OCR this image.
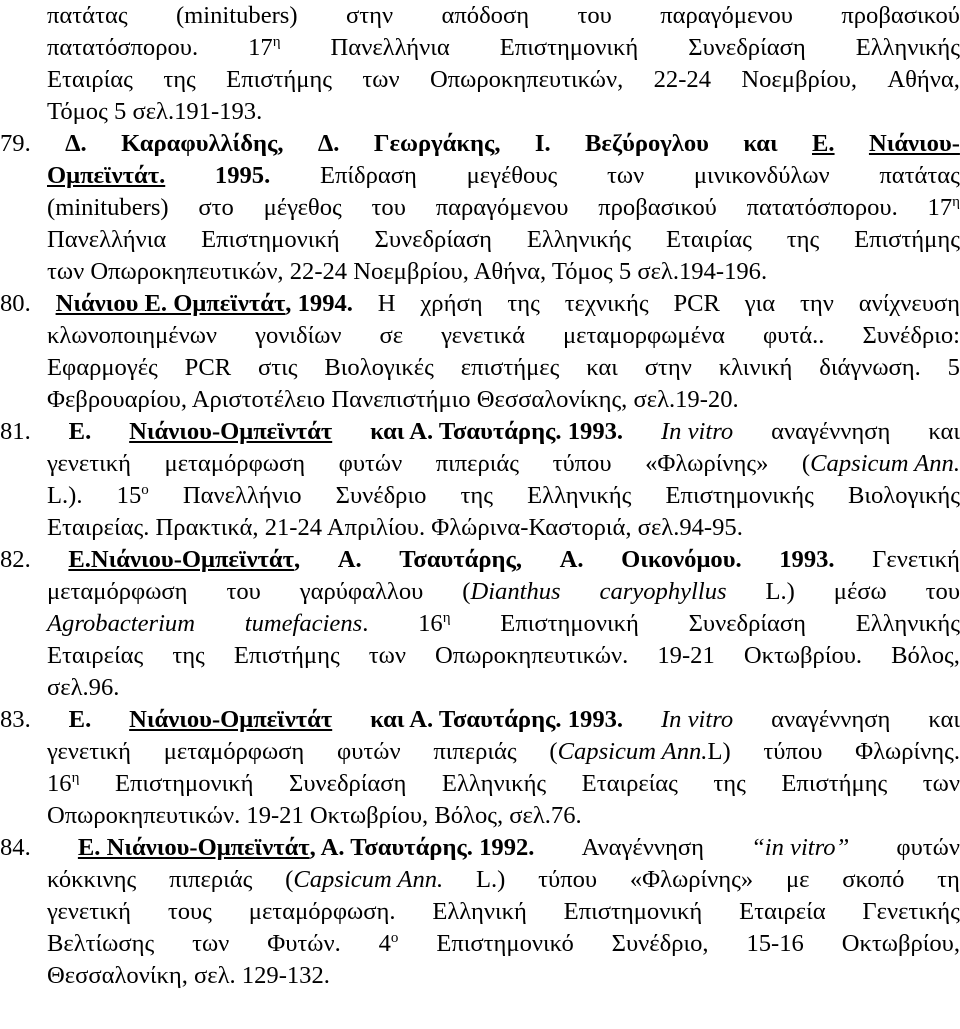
πατάτας (minitubers) στην απόδοση του παραγόμενου προβασικού
πατατόσπορου. $17^\eta$ Πανελλήνια Επιστημονική Συνεδρίαση Ελληνικής
Εταιρίας της Επιστήμης των Οπωροκηπευτικών, 22-24 Νοεμβρίου, Αθήνα,
Τόμος 5 σελ.191-193.
79. Δ. Καραφυλλίδης, Δ. Γεωργάκης, Ι. Βεζύρογλου και Ε. Νιάνιου-
Ομπεϊντάτ. 1995. Επίδραση μεγέθους των μινικονδύλων πατάτας
(minitubers) στο μέγεθος του παραγόμενου προβασικού πατατόσπορου. $17^\eta$
Πανελλήνια Επιστημονική Συνεδρίαση Ελληνικής Εταιρίας της Επιστήμης
των Οπωροκηπευτικών, 22-24 Νοεμβρίου, Αθήνα, Τόμος 5 σελ.194-196.
80. Νιάνιου Ε. Ομπεϊντάτ, 1994. Η χρήση της τεχνικής PCR για την ανίχνευση
κλωνοποιημένων γονιδίων σε γενετικά μεταμορφωμένα φυτά.. Συνέδριο:
Εφαρμογές PCR στις Βιολογικές επιστήμες και στην κλινική διάγνωση. 5
Φεβρουαρίου, Αριστοτέλειο Πανεπιστήμιο Θεσσαλονίκης, σελ.19-20.
81. Ε. Νιάνιου-Ομπεϊντάτ και Α. Τσαυτάρης. 1993. In vitro αναγέννηση και
γενετική μεταμόρφωση φυτών πιπεριάς τύπου «Φλωρίνης» (Capsicum Ann.
L.). $15^o$ Πανελλήνιο Συνέδριο της Ελληνικής Επιστημονικής Βιολογικής
Εταιρείας. Πρακτικά, 21-24 Απριλίου. Φλώρινα-Καστοριά, σελ.94-95.
82. Ε.Νιάνιου-Ομπεϊντάτ, Α. Τσαυτάρης, Α. Οικονόμου. 1993. Γενετική
μεταμόρφωση του γαρύφαλλου (Dianthus caryophyllus L.) μέσω του
Agrobacterium tumefaciens. $16^\eta$ Επιστημονική Συνεδρίαση Ελληνικής
Εταιρείας της Επιστήμης των Οπωροκηπευτικών. 19-21 Οκτωβρίου. Βόλος,
σελ.96.
83. Ε. Νιάνιου-Ομπεϊντάτ και Α. Τσαυτάρης. 1993. In vitro αναγέννηση και
γενετική μεταμόρφωση φυτών πιπεριάς (Capsicum Ann.L) τύπου Φλωρίνης.
$16^\eta$ Επιστημονική Συνεδρίαση Ελληνικής Εταιρείας της Επιστήμης των
Οπωροκηπευτικών. 19-21 Οκτωβρίου, Βόλος, σελ.76.
84. Ε. Νιάνιου-Ομπεϊντάτ, Α. Τσαυτάρης. 1992. Αναγέννηση “in vitro” φυτών
κόκκινης πιπεριάς (Capsicum Ann. L.) τύπου «Φλωρίνης» με σκοπό τη
γενετική τους μεταμόρφωση. Ελληνική Επιστημονική Εταιρεία Γενετικής
Βελτίωσης των Φυτών. $4^o$ Επιστημονικό Συνέδριο, 15-16 Οκτωβρίου,
Θεσσαλονίκη, σελ. 129-132.
